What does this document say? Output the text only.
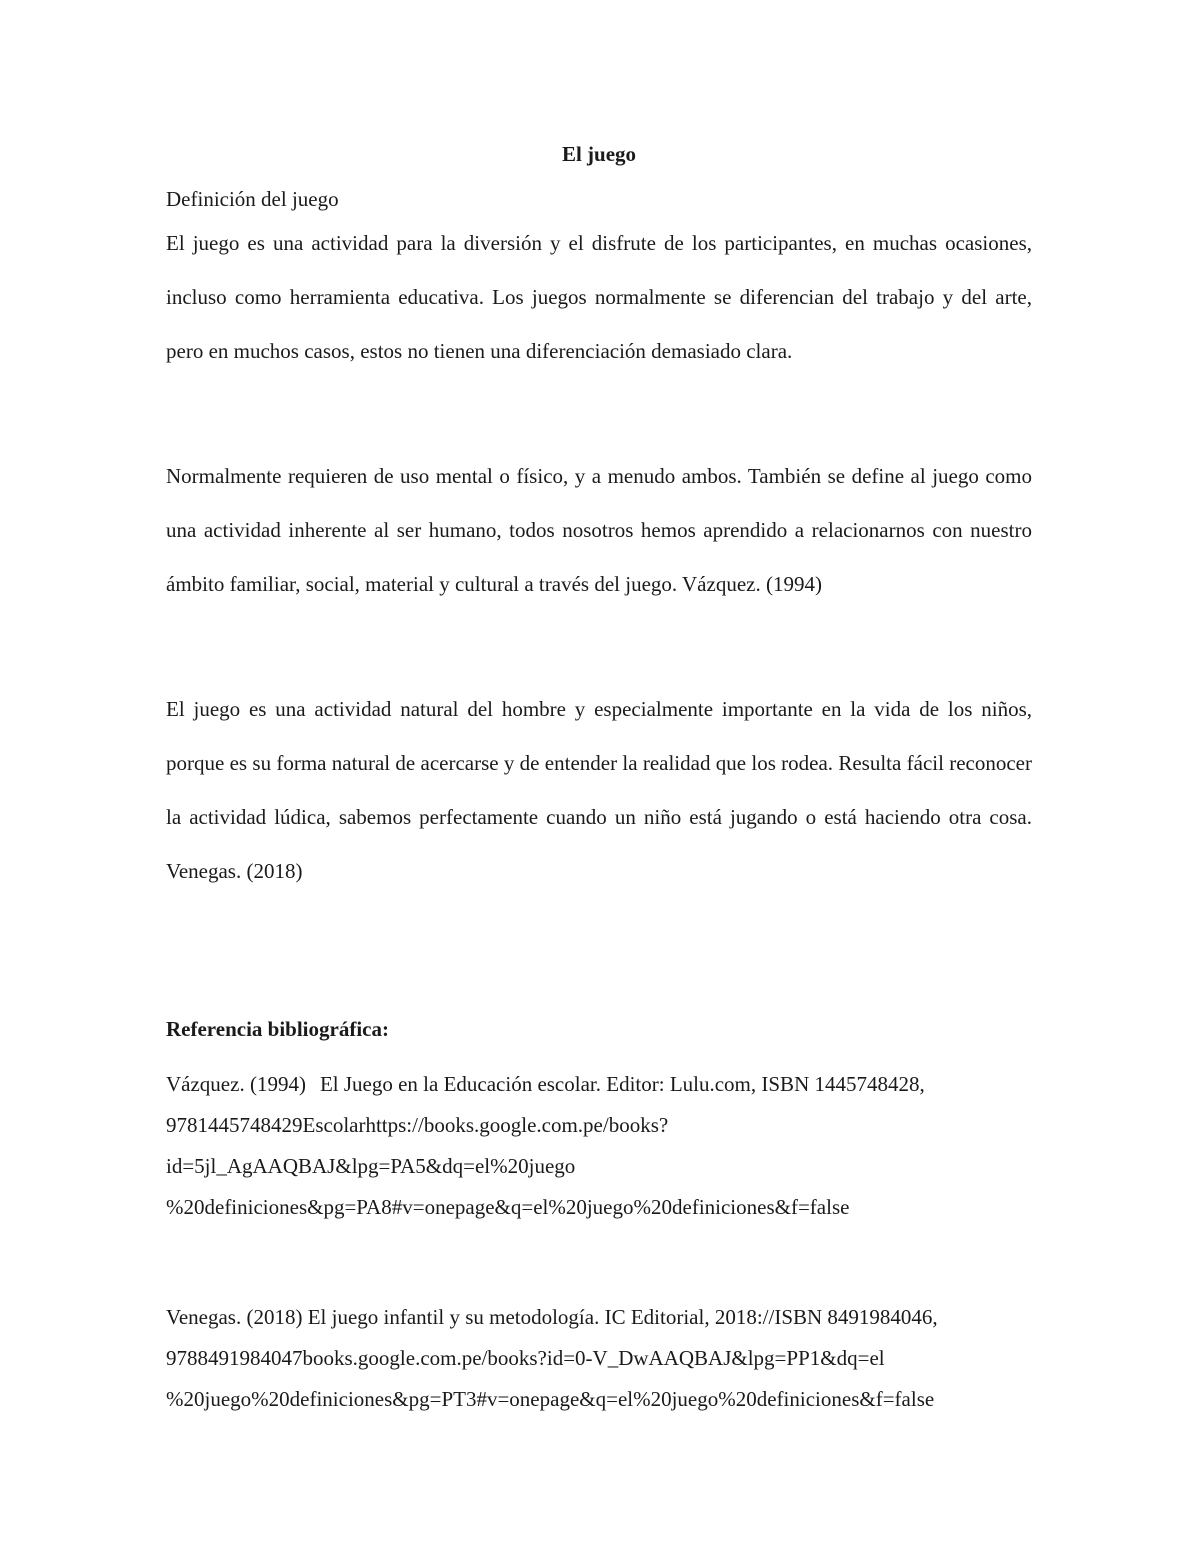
El juego
Definición del juego

El juego es una actividad para la diversión y el disfrute de los participantes, en muchas ocasiones, incluso como herramienta educativa. Los juegos normalmente se diferencian del trabajo y del arte, pero en muchos casos, estos no tienen una diferenciación demasiado clara.

Normalmente requieren de uso mental o físico, y a menudo ambos. También se define al juego como una actividad inherente al ser humano, todos nosotros hemos aprendido a relacionarnos con nuestro ámbito familiar, social, material y cultural a través del juego. Vázquez. (1994)

El juego es una actividad natural del hombre y especialmente importante en la vida de los niños, porque es su forma natural de acercarse y de entender la realidad que los rodea. Resulta fácil reconocer la actividad lúdica, sabemos perfectamente cuando un niño está jugando o está haciendo otra cosa. Venegas. (2018)

Referencia bibliográfica:
Vázquez. (1994) El Juego en la Educación escolar. Editor: Lulu.com, ISBN 1445748428,
9781445748429Escolarhttps://books.google.com.pe/books?
id=5jl_AgAAQBAJ&lpg=PA5&dq=el%20juego
%20definiciones&pg=PA8#v=onepage&q=el%20juego%20definiciones&f=false
Venegas. (2018) El juego infantil y su metodología. IC Editorial, 2018://ISBN 8491984046,
9788491984047books.google.com.pe/books?id=0-V_DwAAQBAJ&lpg=PP1&dq=el
%20juego%20definiciones&pg=PT3#v=onepage&q=el%20juego%20definiciones&f=false
